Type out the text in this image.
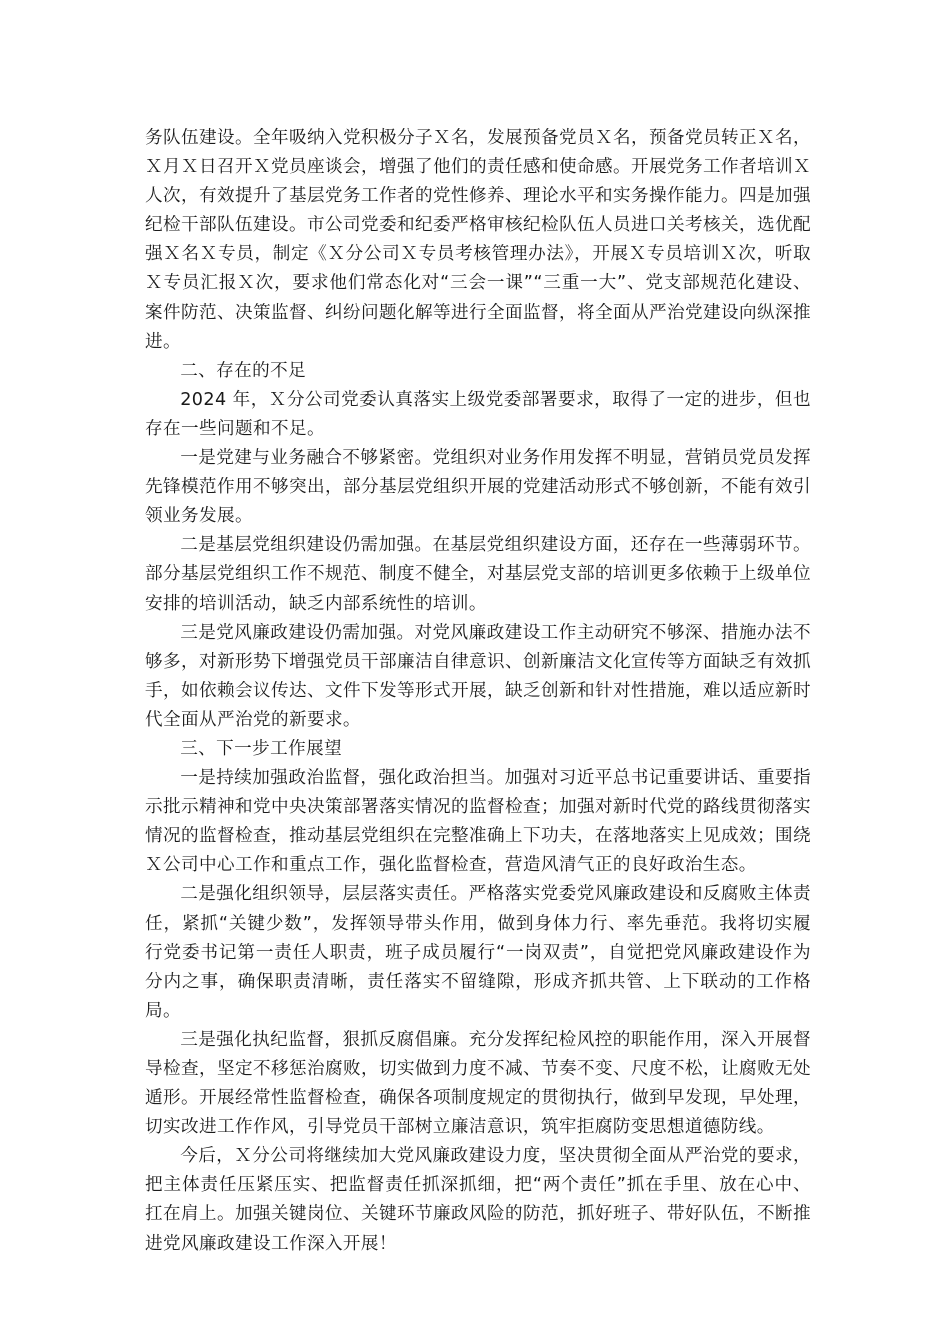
务队伍建设。全年吸纳入党积极分子Ｘ名，发展预备党员Ｘ名，预备党员转正Ｘ名，Ｘ月Ｘ日召开Ｘ党员座谈会，增强了他们的责任感和使命感。开展党务工作者培训Ｘ人次，有效提升了基层党务工作者的党性修养、理论水平和实务操作能力。四是加强纪检干部队伍建设。市公司党委和纪委严格审核纪检队伍人员进口关考核关，选优配强Ｘ名Ｘ专员，制定《Ｘ分公司Ｘ专员考核管理办法》，开展Ｘ专员培训Ｘ次，听取Ｘ专员汇报Ｘ次，要求他们常态化对“三会一课”“三重一大”、党支部规范化建设、案件防范、决策监督、纠纷问题化解等进行全面监督，将全面从严治党建设向纵深推进。

二、存在的不足

2024 年，Ｘ分公司党委认真落实上级党委部署要求，取得了一定的进步，但也存在一些问题和不足。

一是党建与业务融合不够紧密。党组织对业务作用发挥不明显，营销员党员发挥先锋模范作用不够突出，部分基层党组织开展的党建活动形式不够创新，不能有效引领业务发展。

二是基层党组织建设仍需加强。在基层党组织建设方面，还存在一些薄弱环节。部分基层党组织工作不规范、制度不健全，对基层党支部的培训更多依赖于上级单位安排的培训活动，缺乏内部系统性的培训。

三是党风廉政建设仍需加强。对党风廉政建设工作主动研究不够深、措施办法不够多，对新形势下增强党员干部廉洁自律意识、创新廉洁文化宣传等方面缺乏有效抓手，如依赖会议传达、文件下发等形式开展，缺乏创新和针对性措施，难以适应新时代全面从严治党的新要求。

三、下一步工作展望

一是持续加强政治监督，强化政治担当。加强对习近平总书记重要讲话、重要指示批示精神和党中央决策部署落实情况的监督检查；加强对新时代党的路线贯彻落实情况的监督检查，推动基层党组织在完整准确上下功夫，在落地落实上见成效；围绕Ｘ公司中心工作和重点工作，强化监督检查，营造风清气正的良好政治生态。

二是强化组织领导，层层落实责任。严格落实党委党风廉政建设和反腐败主体责任，紧抓“关键少数”，发挥领导带头作用，做到身体力行、率先垂范。我将切实履行党委书记第一责任人职责，班子成员履行“一岗双责”，自觉把党风廉政建设作为分内之事，确保职责清晰，责任落实不留缝隙，形成齐抓共管、上下联动的工作格局。

三是强化执纪监督，狠抓反腐倡廉。充分发挥纪检风控的职能作用，深入开展督导检查，坚定不移惩治腐败，切实做到力度不减、节奏不变、尺度不松，让腐败无处遁形。开展经常性监督检查，确保各项制度规定的贯彻执行，做到早发现，早处理，切实改进工作作风，引导党员干部树立廉洁意识，筑牢拒腐防变思想道德防线。

今后，Ｘ分公司将继续加大党风廉政建设力度，坚决贯彻全面从严治党的要求，把主体责任压紧压实、把监督责任抓深抓细，把“两个责任”抓在手里、放在心中、扛在肩上。加强关键岗位、关键环节廉政风险的防范，抓好班子、带好队伍，不断推进党风廉政建设工作深入开展！
